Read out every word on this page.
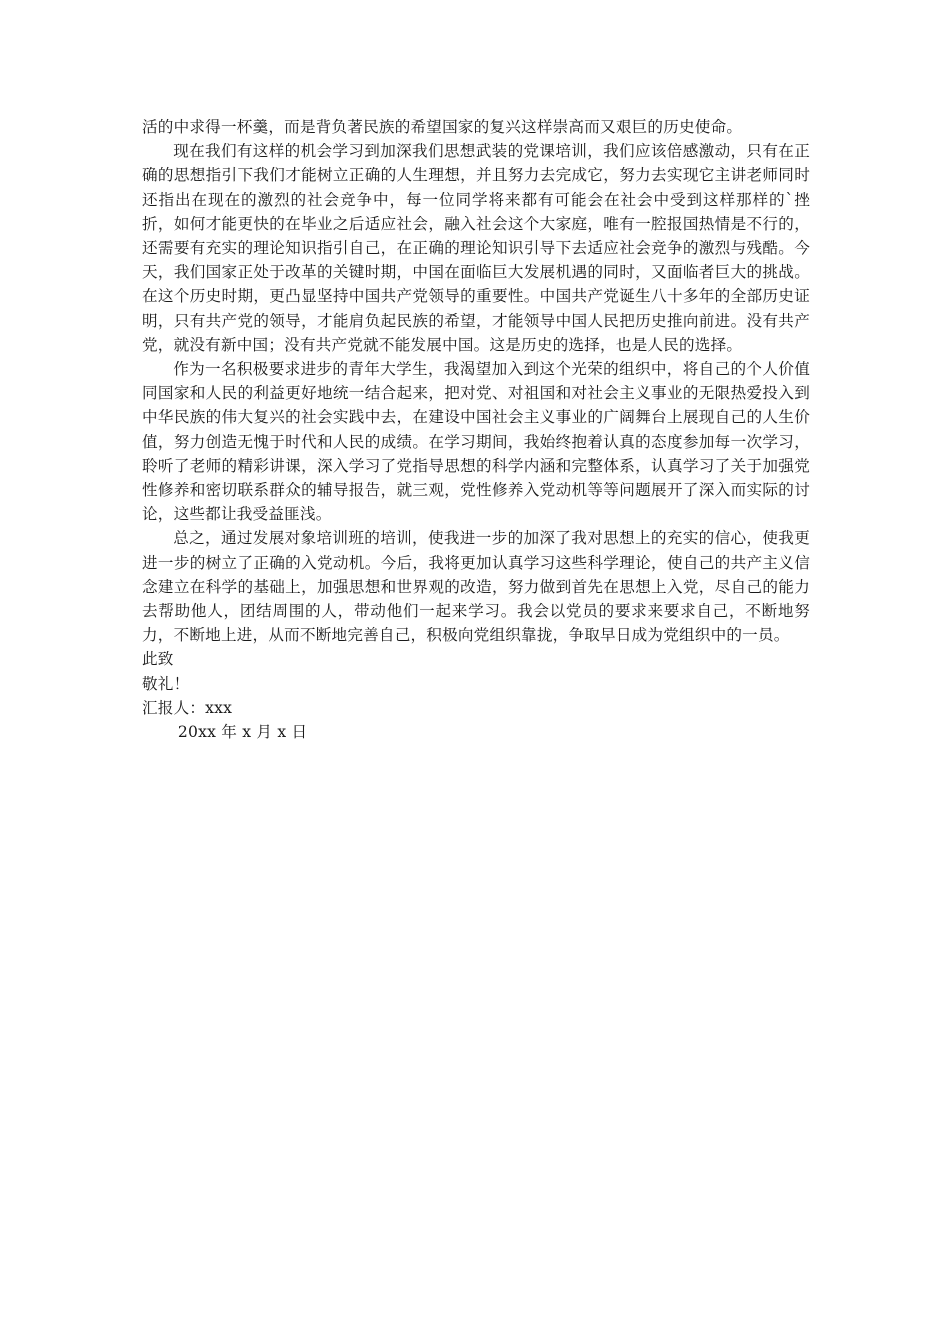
活的中求得一杯羹，而是背负著民族的希望国家的复兴这样崇高而又艰巨的历史使命。

现在我们有这样的机会学习到加深我们思想武装的党课培训，我们应该倍感激动，只有在正确的思想指引下我们才能树立正确的人生理想，并且努力去完成它，努力去实现它主讲老师同时还指出在现在的激烈的社会竞争中，每一位同学将来都有可能会在社会中受到这样那样的`挫折，如何才能更快的在毕业之后适应社会，融入社会这个大家庭，唯有一腔报国热情是不行的，还需要有充实的理论知识指引自己，在正确的理论知识引导下去适应社会竞争的激烈与残酷。今天，我们国家正处于改革的关键时期，中国在面临巨大发展机遇的同时，又面临者巨大的挑战。在这个历史时期，更凸显坚持中国共产党领导的重要性。中国共产党诞生八十多年的全部历史证明，只有共产党的领导，才能肩负起民族的希望，才能领导中国人民把历史推向前进。没有共产党，就没有新中国；没有共产党就不能发展中国。这是历史的选择，也是人民的选择。

作为一名积极要求进步的青年大学生，我渴望加入到这个光荣的组织中，将自己的个人价值同国家和人民的利益更好地统一结合起来，把对党、对祖国和对社会主义事业的无限热爱投入到中华民族的伟大复兴的社会实践中去，在建设中国社会主义事业的广阔舞台上展现自己的人生价值，努力创造无愧于时代和人民的成绩。在学习期间，我始终抱着认真的态度参加每一次学习，聆听了老师的精彩讲课，深入学习了党指导思想的科学内涵和完整体系，认真学习了关于加强党性修养和密切联系群众的辅导报告，就三观，党性修养入党动机等等问题展开了深入而实际的讨论，这些都让我受益匪浅。

总之，通过发展对象培训班的培训，使我进一步的加深了我对思想上的充实的信心，使我更进一步的树立了正确的入党动机。今后，我将更加认真学习这些科学理论，使自己的共产主义信念建立在科学的基础上，加强思想和世界观的改造，努力做到首先在思想上入党，尽自己的能力去帮助他人，团结周围的人，带动他们一起来学习。我会以党员的要求来要求自己，不断地努力，不断地上进，从而不断地完善自己，积极向党组织靠拢，争取早日成为党组织中的一员。

此致

敬礼！

汇报人：xxx

20xx 年 x 月 x 日
